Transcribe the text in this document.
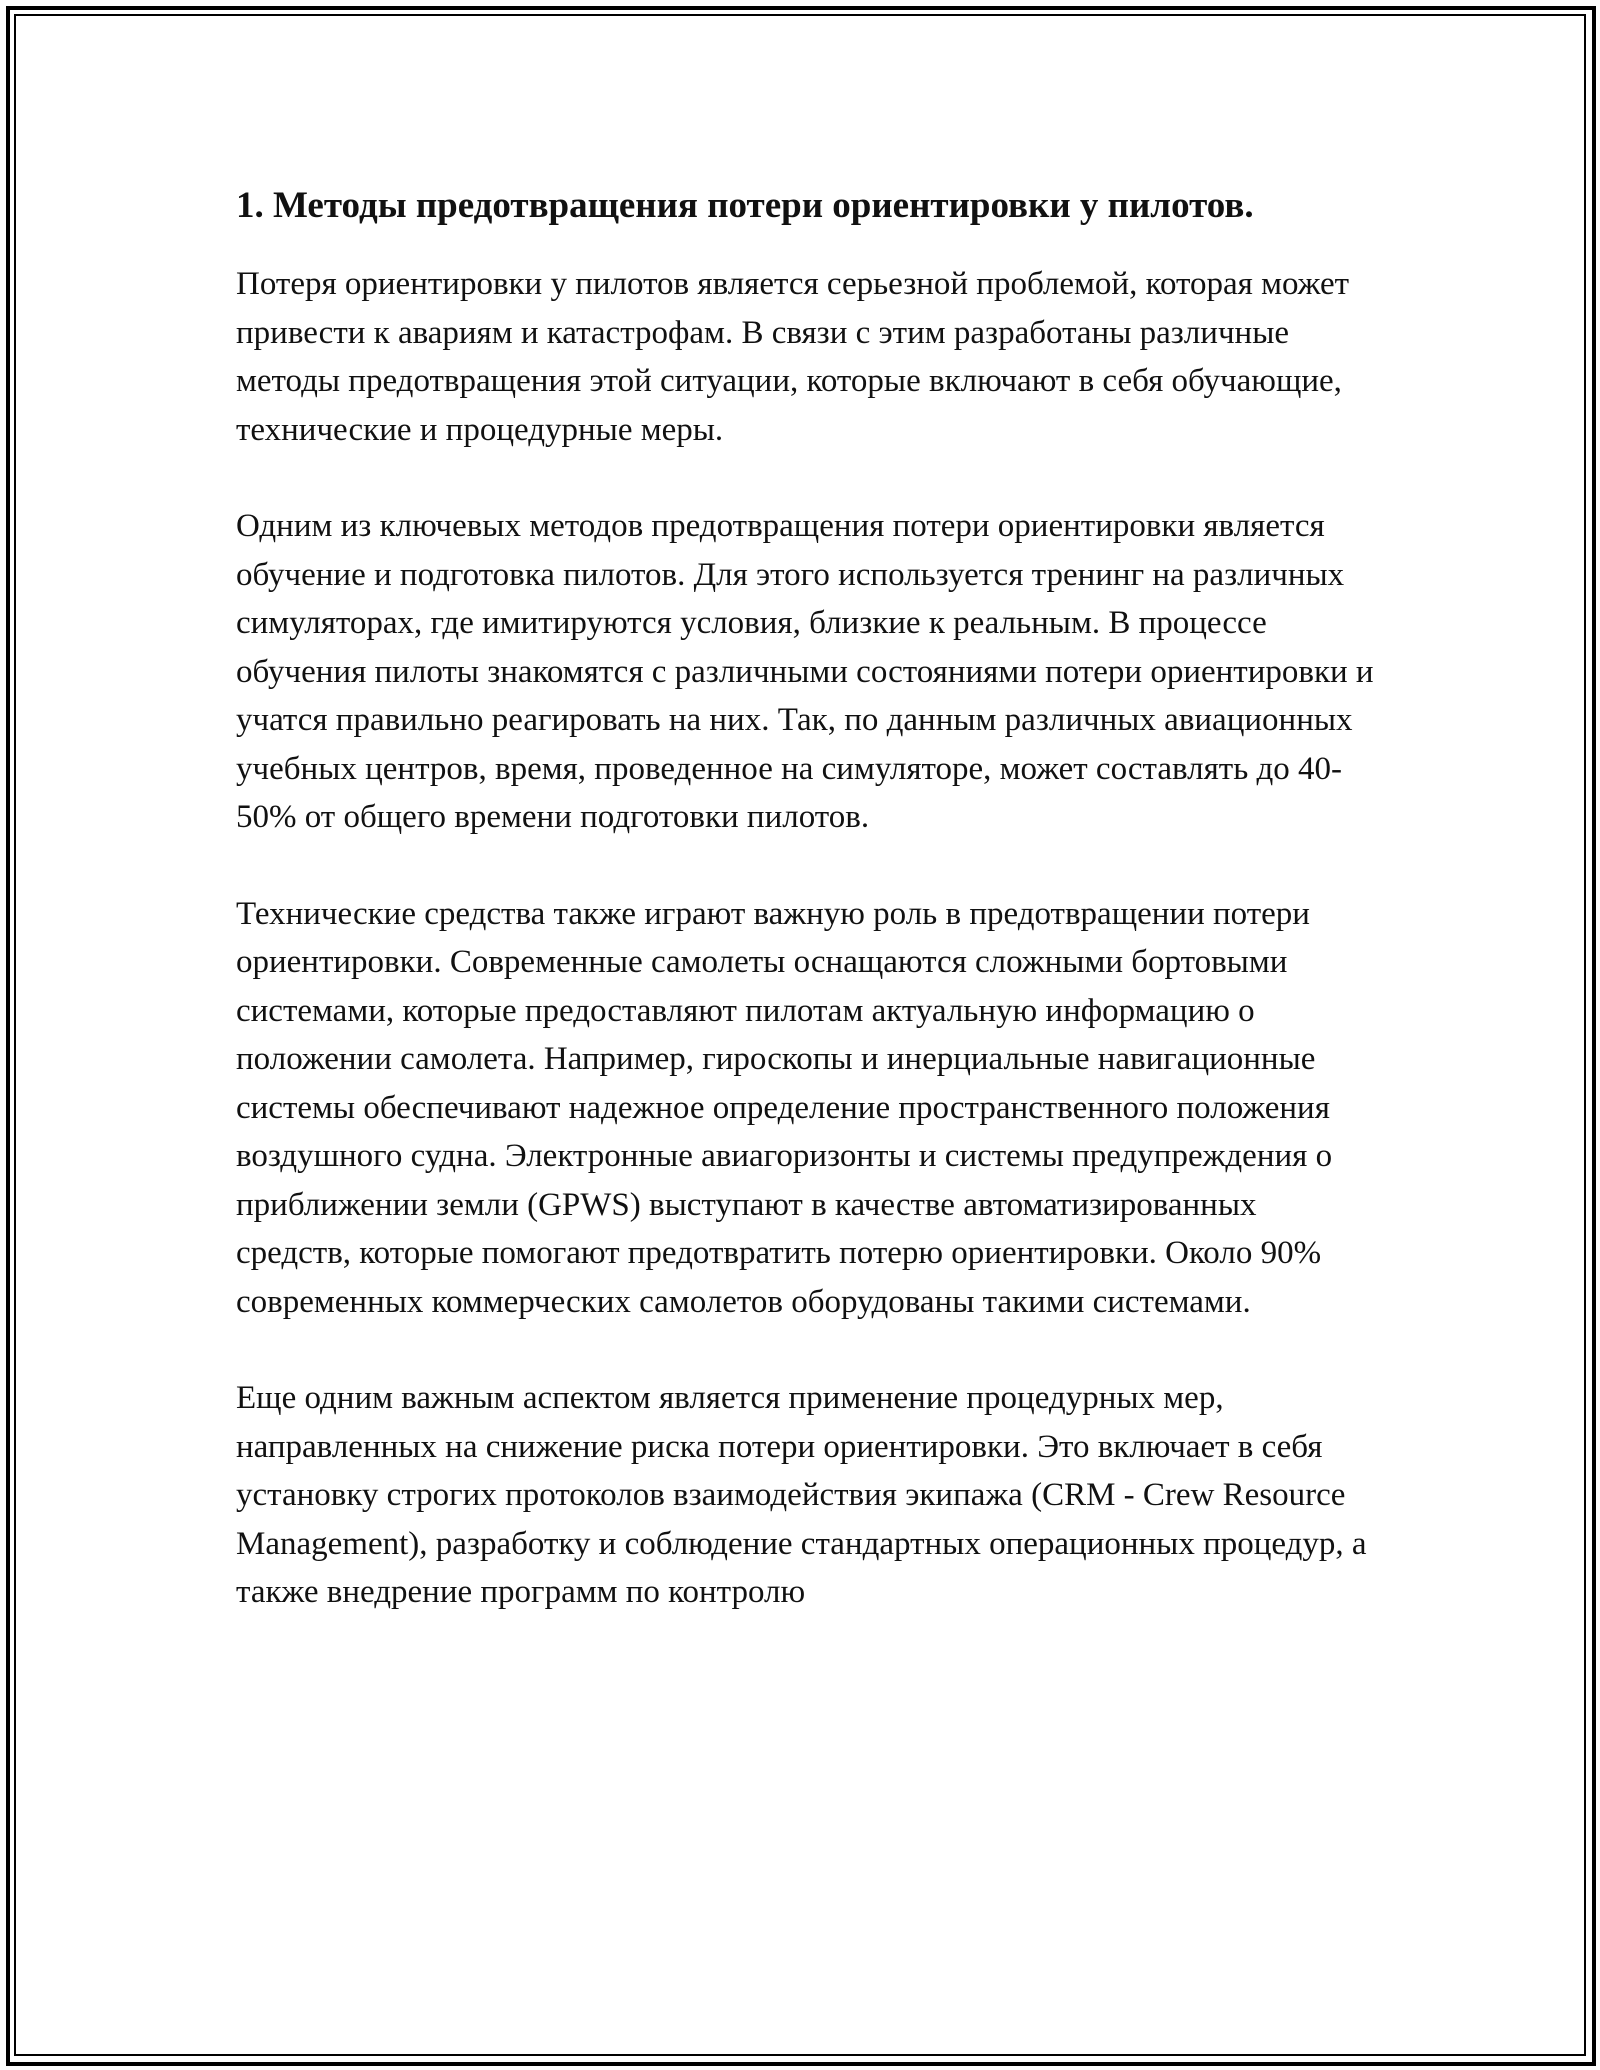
1. Методы предотвращения потери ориентировки у пилотов.

Потеря ориентировки у пилотов является серьезной проблемой, которая может привести к авариям и катастрофам. В связи с этим разработаны различные методы предотвращения этой ситуации, которые включают в себя обучающие, технические и процедурные меры.

Одним из ключевых методов предотвращения потери ориентировки является обучение и подготовка пилотов. Для этого используется тренинг на различных симуляторах, где имитируются условия, близкие к реальным. В процессе обучения пилоты знакомятся с различными состояниями потери ориентировки и учатся правильно реагировать на них. Так, по данным различных авиационных учебных центров, время, проведенное на симуляторе, может составлять до 40-50% от общего времени подготовки пилотов.

Технические средства также играют важную роль в предотвращении потери ориентировки. Современные самолеты оснащаются сложными бортовыми системами, которые предоставляют пилотам актуальную информацию о положении самолета. Например, гироскопы и инерциальные навигационные системы обеспечивают надежное определение пространственного положения воздушного судна. Электронные авиагоризонты и системы предупреждения о приближении земли (GPWS) выступают в качестве автоматизированных средств, которые помогают предотвратить потерю ориентировки. Около 90% современных коммерческих самолетов оборудованы такими системами.

Еще одним важным аспектом является применение процедурных мер, направленных на снижение риска потери ориентировки. Это включает в себя установку строгих протоколов взаимодействия экипажа (CRM - Crew Resource Management), разработку и соблюдение стандартных операционных процедур, а также внедрение программ по контролю
